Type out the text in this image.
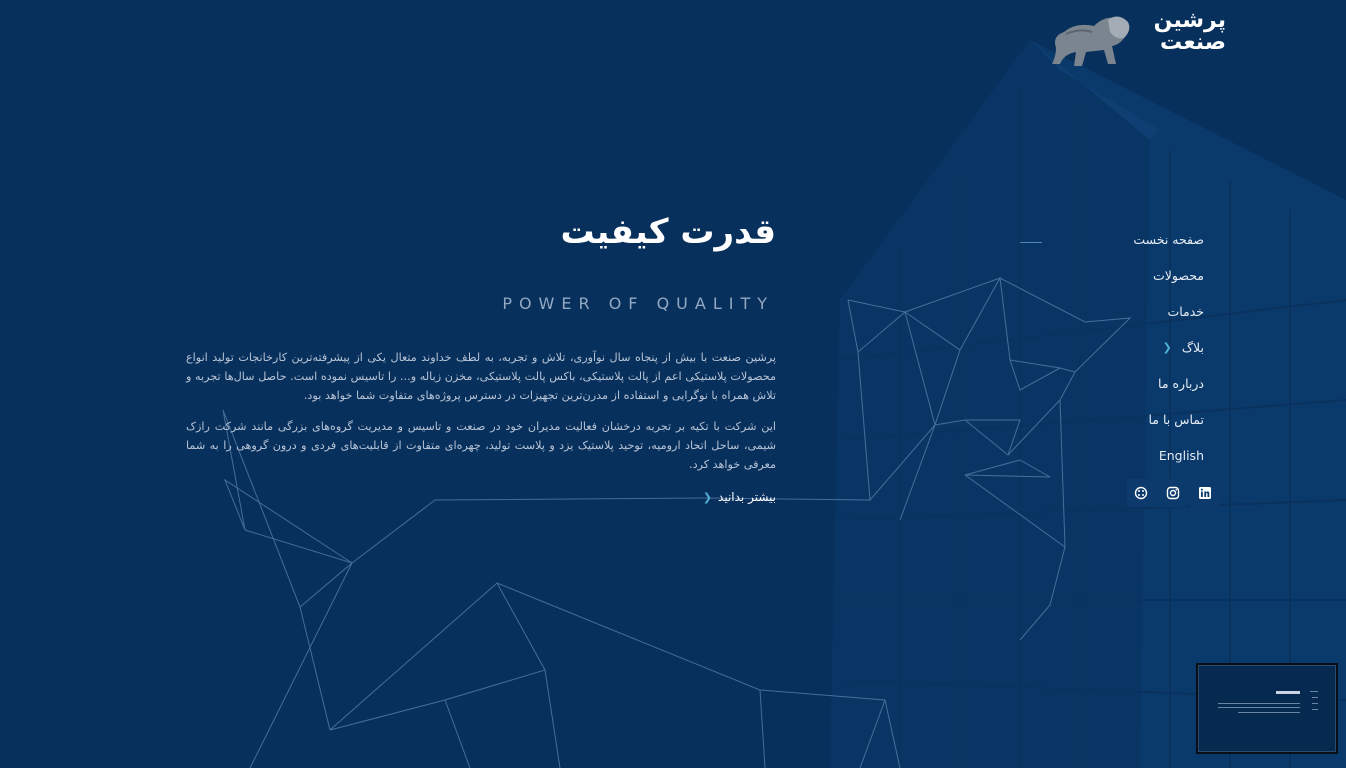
پرشین
صنعت
قدرت کیفیت
POWER OF QUALITY
پرشین صنعت با بیش از پنجاه سال نوآوری، تلاش و تجربه، به لطف خداوند متعال یکی از پیشرفته‌ترین کارخانجات تولید انواع محصولات پلاستیکی اعم از پالت پلاستیکی، باکس پالت پلاستیکی، مخزن زباله و... را تاسیس نموده است. حاصل سال‌ها تجربه و تلاش همراه با نوگرایی و استفاده از مدرن‌ترین تجهیزات در دسترس پروژه‌های متفاوت شما خواهد بود.
این شرکت با تکیه بر تجربه درخشان فعالیت مدیران خود در صنعت و تاسیس و مدیریت گروه‌های بزرگی مانند شرکت رازک شیمی، ساحل اتحاد ارومیه، توحید پلاستیک یزد و پلاست تولید، چهره‌ای متفاوت از قابلیت‌های فردی و درون گروهی را به شما معرفی خواهد کرد.
بیشتر بدانید
❮
صفحه نخست
محصولات
خدمات
بلاگ
❮
درباره ما
تماس با ما
English
